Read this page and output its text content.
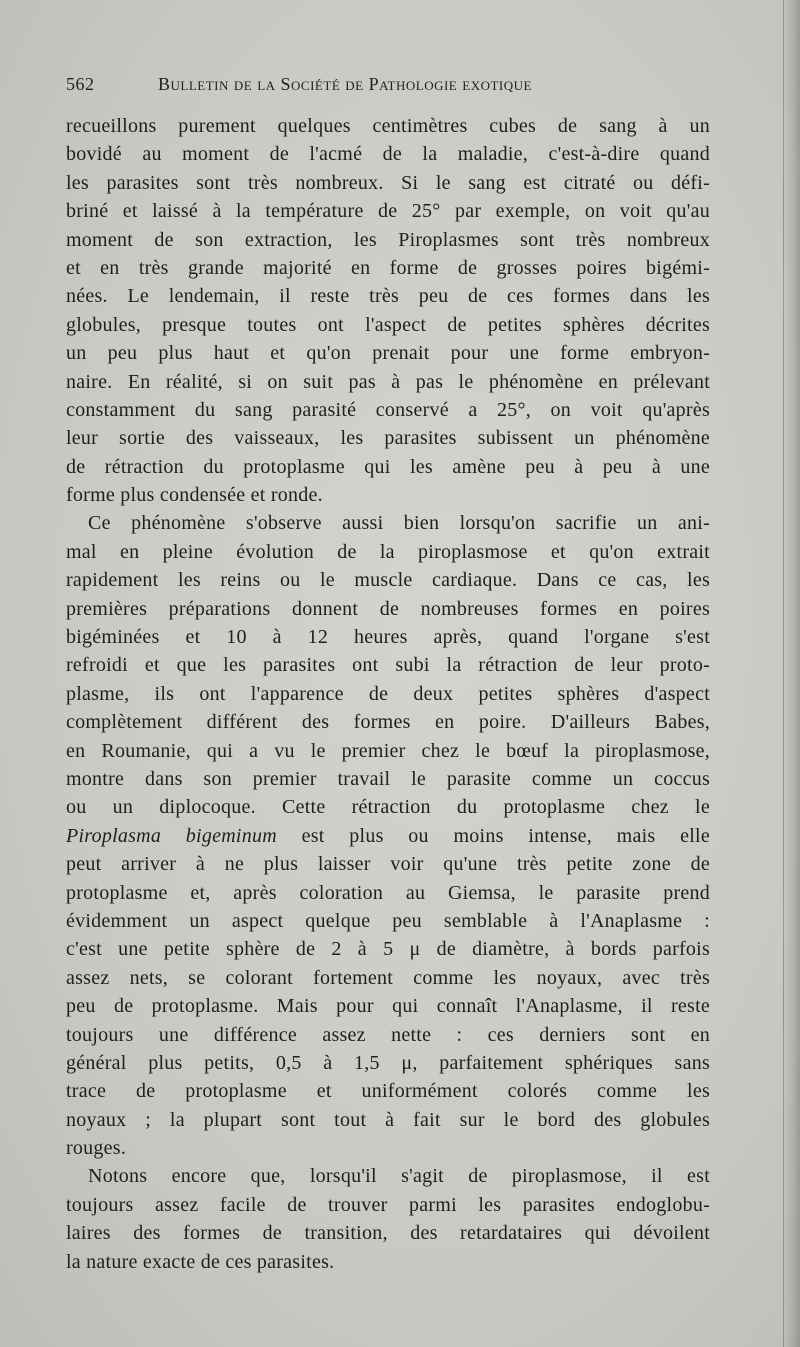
562	Bulletin de la Société de Pathologie exotique
recueillons purement quelques centimètres cubes de sang à un
bovidé au moment de l'acmé de la maladie, c'est-à-dire quand
les parasites sont très nombreux. Si le sang est citraté ou défi-
briné et laissé à la température de 25° par exemple, on voit qu'au
moment de son extraction, les Piroplasmes sont très nombreux
et en très grande majorité en forme de grosses poires bigémi-
nées. Le lendemain, il reste très peu de ces formes dans les
globules, presque toutes ont l'aspect de petites sphères décrites
un peu plus haut et qu'on prenait pour une forme embryon-
naire. En réalité, si on suit pas à pas le phénomène en prélevant
constamment du sang parasité conservé a 25°, on voit qu'après
leur sortie des vaisseaux, les parasites subissent un phénomène
de rétraction du protoplasme qui les amène peu à peu à une
forme plus condensée et ronde.
Ce phénomène s'observe aussi bien lorsqu'on sacrifie un ani-
mal en pleine évolution de la piroplasmose et qu'on extrait
rapidement les reins ou le muscle cardiaque. Dans ce cas, les
premières préparations donnent de nombreuses formes en poires
bigéminées et 10 à 12 heures après, quand l'organe s'est
refroidi et que les parasites ont subi la rétraction de leur proto-
plasme, ils ont l'apparence de deux petites sphères d'aspect
complètement différent des formes en poire. D'ailleurs Babes,
en Roumanie, qui a vu le premier chez le bœuf la piroplasmose,
montre dans son premier travail le parasite comme un coccus
ou un diplocoque. Cette rétraction du protoplasme chez le
Piroplasma bigeminum est plus ou moins intense, mais elle
peut arriver à ne plus laisser voir qu'une très petite zone de
protoplasme et, après coloration au Giemsa, le parasite prend
évidemment un aspect quelque peu semblable à l'Anaplasme :
c'est une petite sphère de 2 à 5 μ de diamètre, à bords parfois
assez nets, se colorant fortement comme les noyaux, avec très
peu de protoplasme. Mais pour qui connaît l'Anaplasme, il reste
toujours une différence assez nette : ces derniers sont en
général plus petits, 0,5 à 1,5 μ, parfaitement sphériques sans
trace de protoplasme et uniformément colorés comme les
noyaux ; la plupart sont tout à fait sur le bord des globules
rouges.
Notons encore que, lorsqu'il s'agit de piroplasmose, il est
toujours assez facile de trouver parmi les parasites endoglobu-
laires des formes de transition, des retardataires qui dévoilent
la nature exacte de ces parasites.
